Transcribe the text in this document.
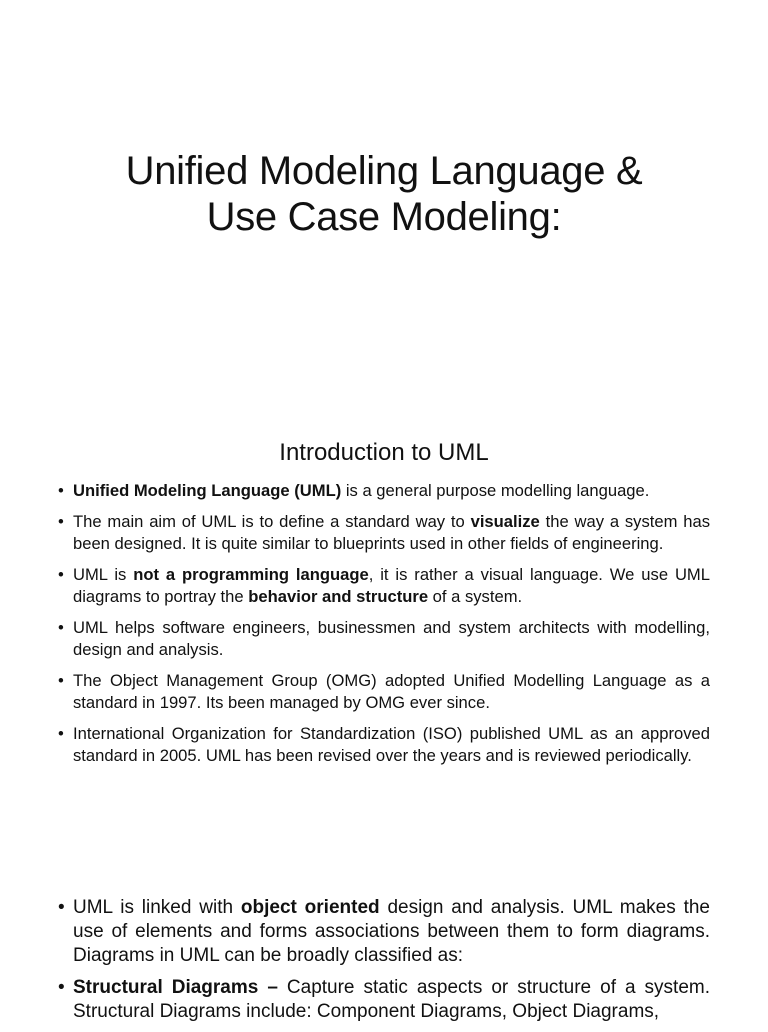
Unified Modeling Language &
Use Case Modeling:
Introduction to UML
• Unified Modeling Language (UML) is a general purpose modelling language.
• The main aim of UML is to define a standard way to visualize the way a system has been designed. It is quite similar to blueprints used in other fields of engineering.
• UML is not a programming language, it is rather a visual language. We use UML diagrams to portray the behavior and structure of a system.
• UML helps software engineers, businessmen and system architects with modelling, design and analysis.
• The Object Management Group (OMG) adopted Unified Modelling Language as a standard in 1997. Its been managed by OMG ever since.
• International Organization for Standardization (ISO) published UML as an approved standard in 2005. UML has been revised over the years and is reviewed periodically.
• UML is linked with object oriented design and analysis. UML makes the use of elements and forms associations between them to form diagrams. Diagrams in UML can be broadly classified as:
• Structural Diagrams – Capture static aspects or structure of a system. Structural Diagrams include: Component Diagrams, Object Diagrams,
